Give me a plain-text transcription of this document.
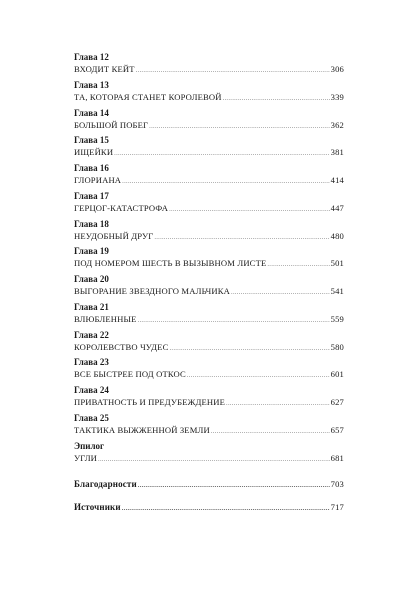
Глава 12
ВХОДИТ КЕЙТ .....	306
Глава 13
ТА, КОТОРАЯ СТАНЕТ КОРОЛЕВОЙ .....	339
Глава 14
БОЛЬШОЙ ПОБЕГ .....	362
Глава 15
ИЩЕЙКИ .....	381
Глава 16
ГЛОРИАНА .....	414
Глава 17
ГЕРЦОГ-КАТАСТРОФА .....	447
Глава 18
НЕУДОБНЫЙ ДРУГ .....	480
Глава 19
ПОД НОМЕРОМ ШЕСТЬ В ВЫЗЫВНОМ ЛИСТЕ .....	501
Глава 20
ВЫГОРАНИЕ ЗВЕЗДНОГО МАЛЬЧИКА .....	541
Глава 21
ВЛЮБЛЕННЫЕ .....	559
Глава 22
КОРОЛЕВСТВО ЧУДЕС .....	580
Глава 23
ВСЕ БЫСТРЕЕ ПОД ОТКОС .....	601
Глава 24
ПРИВАТНОСТЬ И ПРЕДУБЕЖДЕНИЕ .....	627
Глава 25
ТАКТИКА ВЫЖЖЕННОЙ ЗЕМЛИ .....	657
Эпилог
УГЛИ .....	681
Благодарности .....	703
Источники .....	717
